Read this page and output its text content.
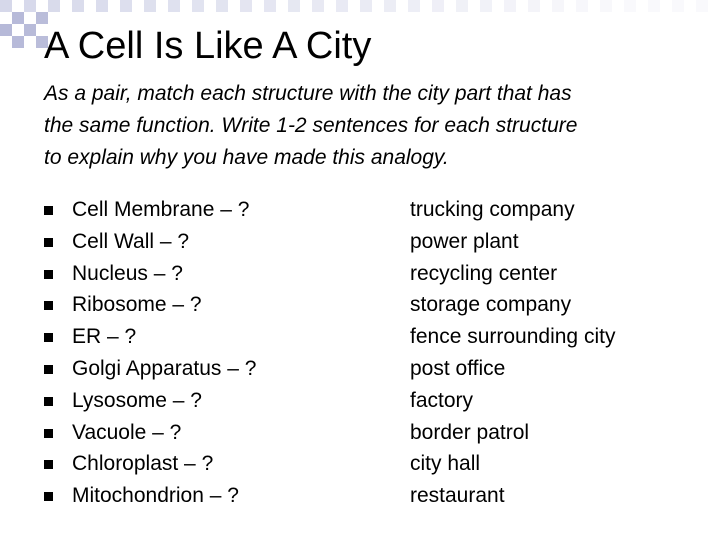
A Cell Is Like A City

As a pair, match each structure with the city part that has
the same function. Write 1-2 sentences for each structure
to explain why you have made this analogy.

Cell Membrane – ?
Cell Wall – ?
Nucleus – ?
Ribosome – ?
ER – ?
Golgi Apparatus – ?
Lysosome – ?
Vacuole – ?
Chloroplast – ?
Mitochondrion – ?
trucking company
power plant
recycling center
storage company
fence surrounding city
post office
factory
border patrol
city hall
restaurant
